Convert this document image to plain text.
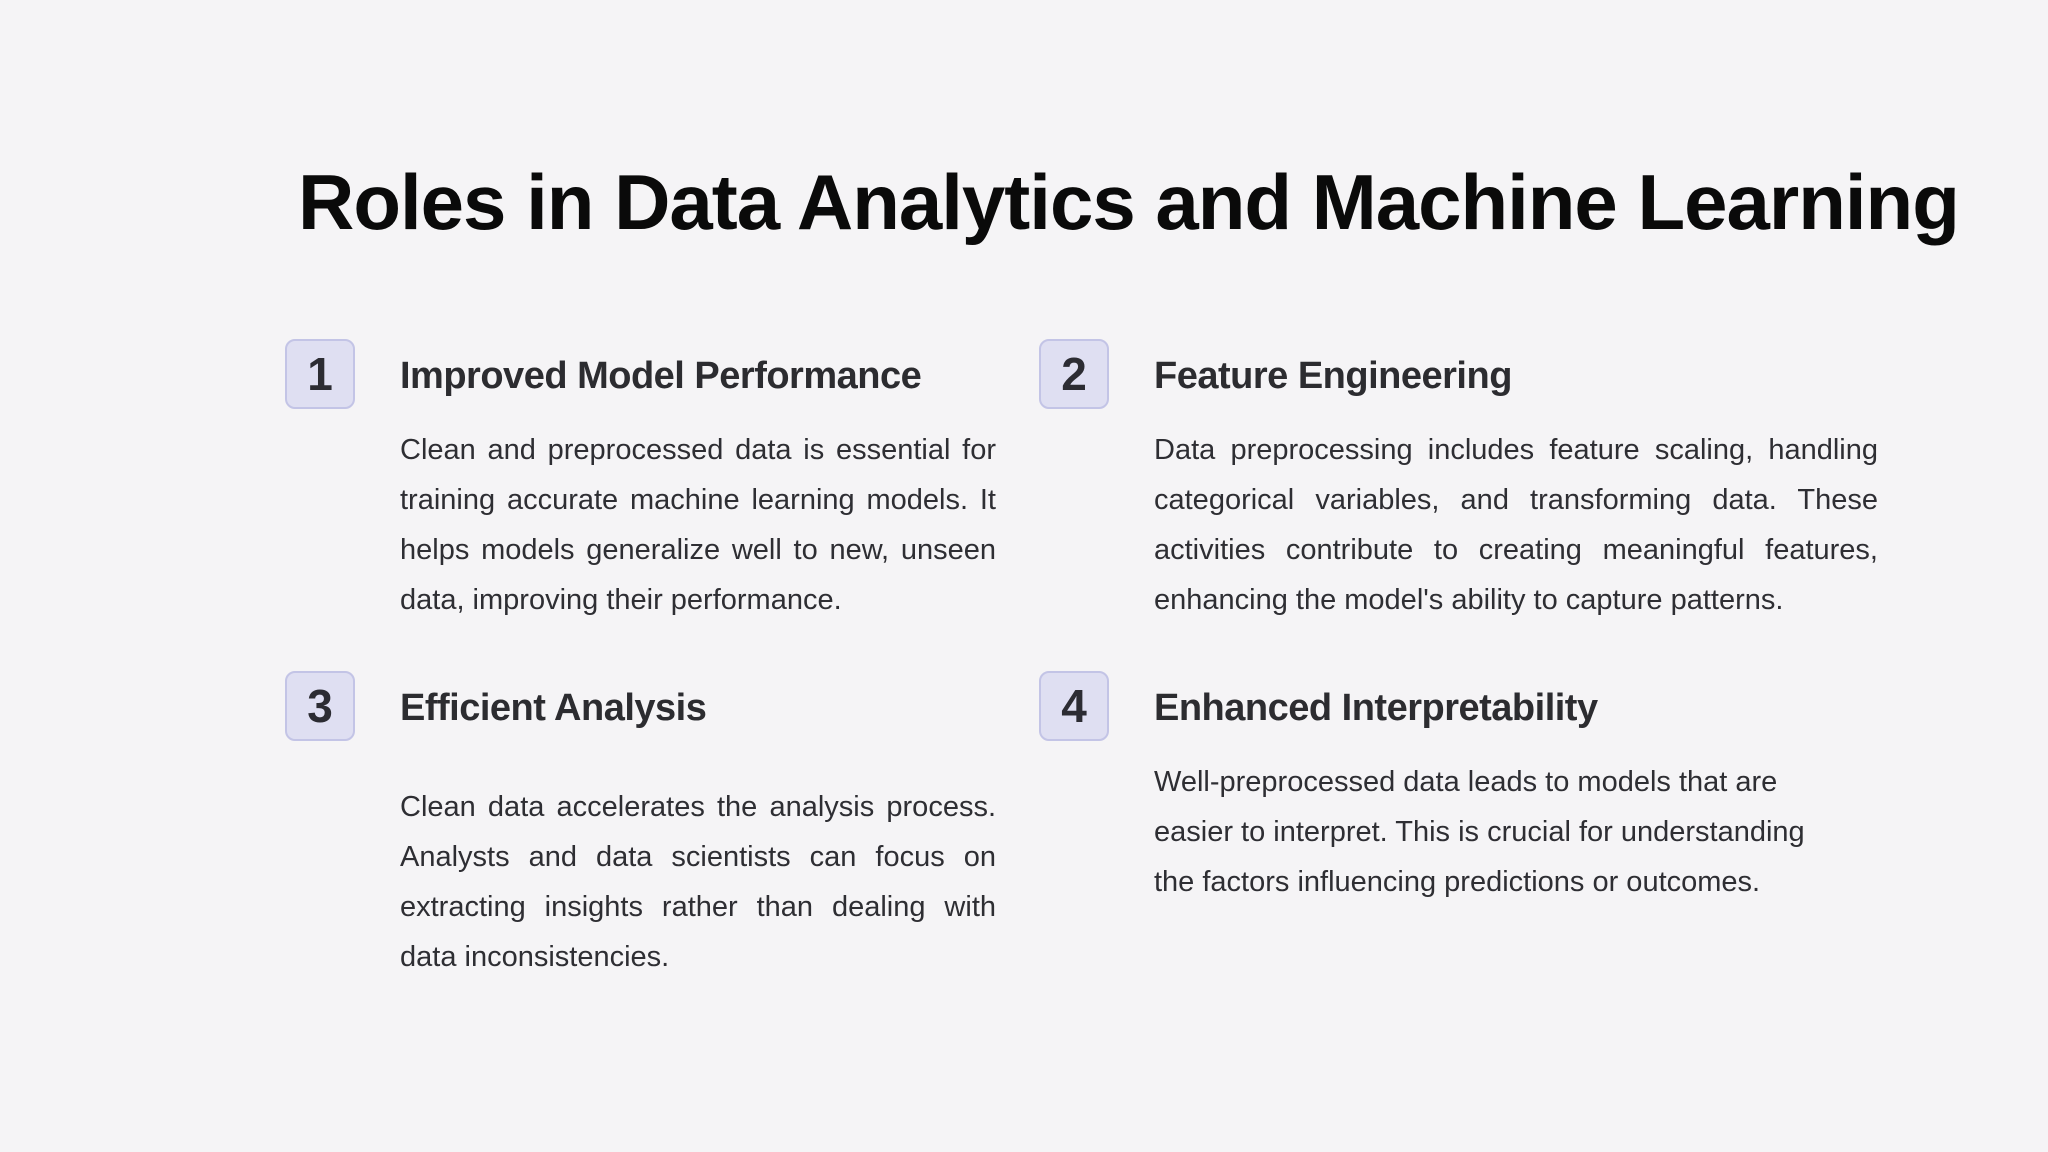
Roles in Data Analytics and Machine Learning
1	Improved Model Performance

Clean and preprocessed data is essential for training accurate machine learning models. It helps models generalize well to new, unseen data, improving their performance.

2	Feature Engineering

Data preprocessing includes feature scaling, handling categorical variables, and transforming data. These activities contribute to creating meaningful features, enhancing the model's ability to capture patterns.

3	Efficient Analysis

Clean data accelerates the analysis process. Analysts and data scientists can focus on extracting insights rather than dealing with data inconsistencies.

4	Enhanced Interpretability

Well-preprocessed data leads to models that are easier to interpret. This is crucial for understanding the factors influencing predictions or outcomes.
